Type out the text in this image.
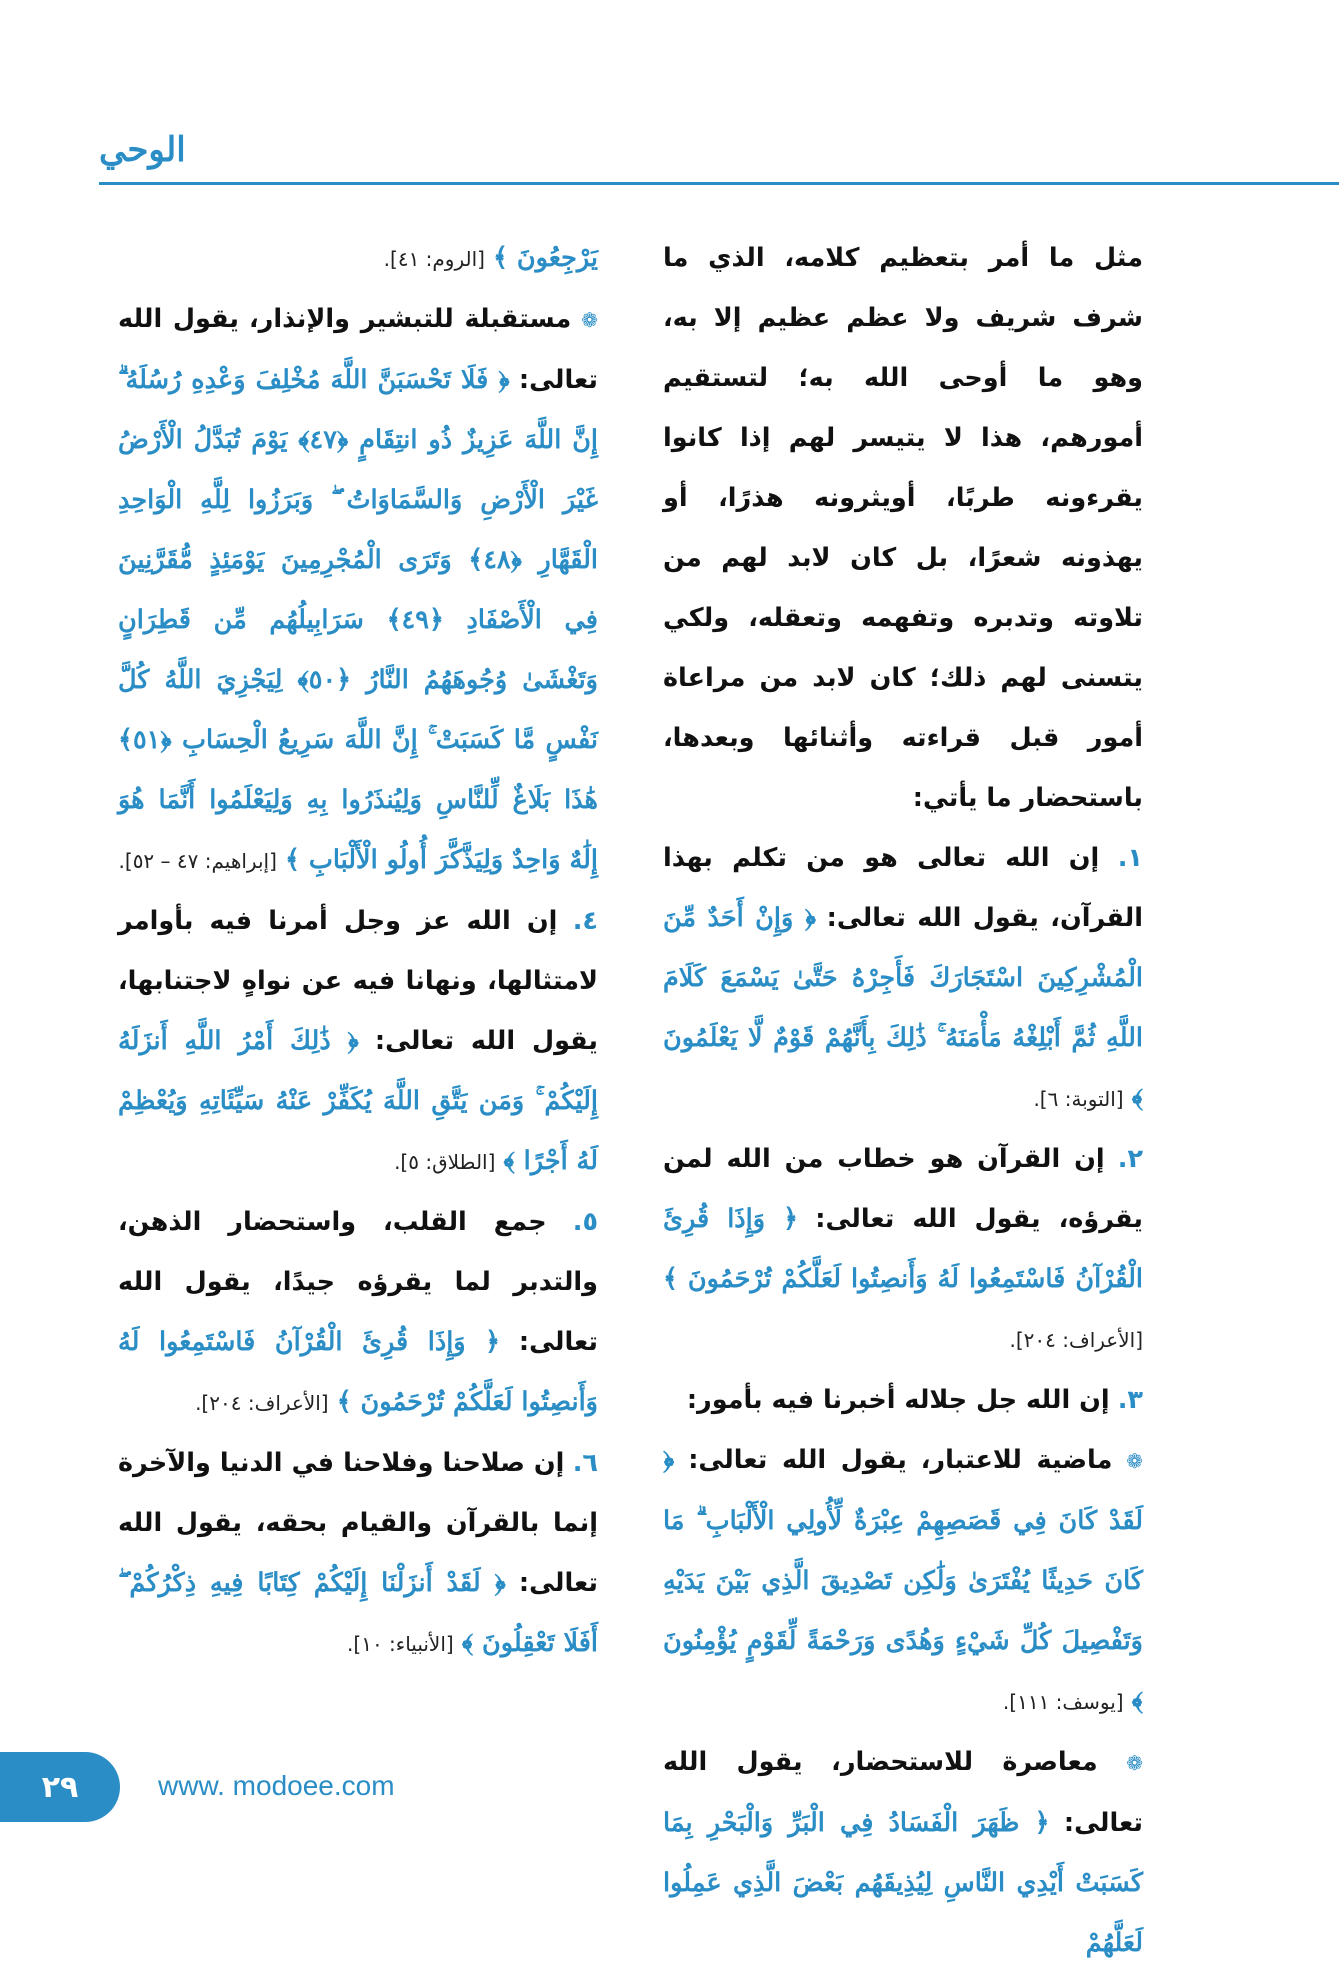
الوحي

مثل ما أمر بتعظيم كلامه، الذي ما شرف شريف ولا عظم عظيم إلا به، وهو ما أوحى الله به؛ لتستقيم أمورهم، هذا لا يتيسر لهم إذا كانوا يقرءونه طربًا، أويثرونه هذرًا، أو يهذونه شعرًا، بل كان لابد لهم من تلاوته وتدبره وتفهمه وتعقله، ولكي يتسنى لهم ذلك؛ كان لابد من مراعاة أمور قبل قراءته وأثنائها وبعدها، باستحضار ما يأتي:

١. إن الله تعالى هو من تكلم بهذا القرآن، يقول الله تعالى: ﴿ وَإِنْ أَحَدٌ مِّنَ الْمُشْرِكِينَ اسْتَجَارَكَ فَأَجِرْهُ حَتَّىٰ يَسْمَعَ كَلَامَ اللَّهِ ثُمَّ أَبْلِغْهُ مَأْمَنَهُ ۚ ذَٰلِكَ بِأَنَّهُمْ قَوْمٌ لَّا يَعْلَمُونَ ﴾ [التوبة: ٦].

٢. إن القرآن هو خطاب من الله لمن يقرؤه، يقول الله تعالى: ﴿ وَإِذَا قُرِئَ الْقُرْآنُ فَاسْتَمِعُوا لَهُ وَأَنصِتُوا لَعَلَّكُمْ تُرْحَمُونَ ﴾ [الأعراف: ٢٠٤].

٣. إن الله جل جلاله أخبرنا فيه بأمور:

❁ ماضية للاعتبار، يقول الله تعالى: ﴿ لَقَدْ كَانَ فِي قَصَصِهِمْ عِبْرَةٌ لِّأُولِي الْأَلْبَابِ ۗ مَا كَانَ حَدِيثًا يُفْتَرَىٰ وَلَٰكِن تَصْدِيقَ الَّذِي بَيْنَ يَدَيْهِ وَتَفْصِيلَ كُلِّ شَيْءٍ وَهُدًى وَرَحْمَةً لِّقَوْمٍ يُؤْمِنُونَ ﴾ [يوسف: ١١١].

❁ معاصرة للاستحضار، يقول الله تعالى: ﴿ ظَهَرَ الْفَسَادُ فِي الْبَرِّ وَالْبَحْرِ بِمَا كَسَبَتْ أَيْدِي النَّاسِ لِيُذِيقَهُم بَعْضَ الَّذِي عَمِلُوا لَعَلَّهُمْ

يَرْجِعُونَ ﴾ [الروم: ٤١].

❁ مستقبلة للتبشير والإنذار، يقول الله تعالى: ﴿ فَلَا تَحْسَبَنَّ اللَّهَ مُخْلِفَ وَعْدِهِ رُسُلَهُ ۗ إِنَّ اللَّهَ عَزِيزٌ ذُو انتِقَامٍ ﴿٤٧﴾ يَوْمَ تُبَدَّلُ الْأَرْضُ غَيْرَ الْأَرْضِ وَالسَّمَاوَاتُ ۖ وَبَرَزُوا لِلَّهِ الْوَاحِدِ الْقَهَّارِ ﴿٤٨﴾ وَتَرَى الْمُجْرِمِينَ يَوْمَئِذٍ مُّقَرَّنِينَ فِي الْأَصْفَادِ ﴿٤٩﴾ سَرَابِيلُهُم مِّن قَطِرَانٍ وَتَغْشَىٰ وُجُوهَهُمُ النَّارُ ﴿٥٠﴾ لِيَجْزِيَ اللَّهُ كُلَّ نَفْسٍ مَّا كَسَبَتْ ۚ إِنَّ اللَّهَ سَرِيعُ الْحِسَابِ ﴿٥١﴾ هَٰذَا بَلَاغٌ لِّلنَّاسِ وَلِيُنذَرُوا بِهِ وَلِيَعْلَمُوا أَنَّمَا هُوَ إِلَٰهٌ وَاحِدٌ وَلِيَذَّكَّرَ أُولُو الْأَلْبَابِ ﴾ [إبراهيم: ٤٧ – ٥٢].

٤. إن الله عز وجل أمرنا فيه بأوامر لامتثالها، ونهانا فيه عن نواهٍ لاجتنابها، يقول الله تعالى: ﴿ ذَٰلِكَ أَمْرُ اللَّهِ أَنزَلَهُ إِلَيْكُمْ ۚ وَمَن يَتَّقِ اللَّهَ يُكَفِّرْ عَنْهُ سَيِّئَاتِهِ وَيُعْظِمْ لَهُ أَجْرًا ﴾ [الطلاق: ٥].

٥. جمع القلب، واستحضار الذهن، والتدبر لما يقرؤه جيدًا، يقول الله تعالى: ﴿ وَإِذَا قُرِئَ الْقُرْآنُ فَاسْتَمِعُوا لَهُ وَأَنصِتُوا لَعَلَّكُمْ تُرْحَمُونَ ﴾ [الأعراف: ٢٠٤].

٦. إن صلاحنا وفلاحنا في الدنيا والآخرة إنما بالقرآن والقيام بحقه، يقول الله تعالى: ﴿ لَقَدْ أَنزَلْنَا إِلَيْكُمْ كِتَابًا فِيهِ ذِكْرُكُمْ ۖ أَفَلَا تَعْقِلُونَ ﴾ [الأنبياء: ١٠].

٢٩	www. modoee.com
